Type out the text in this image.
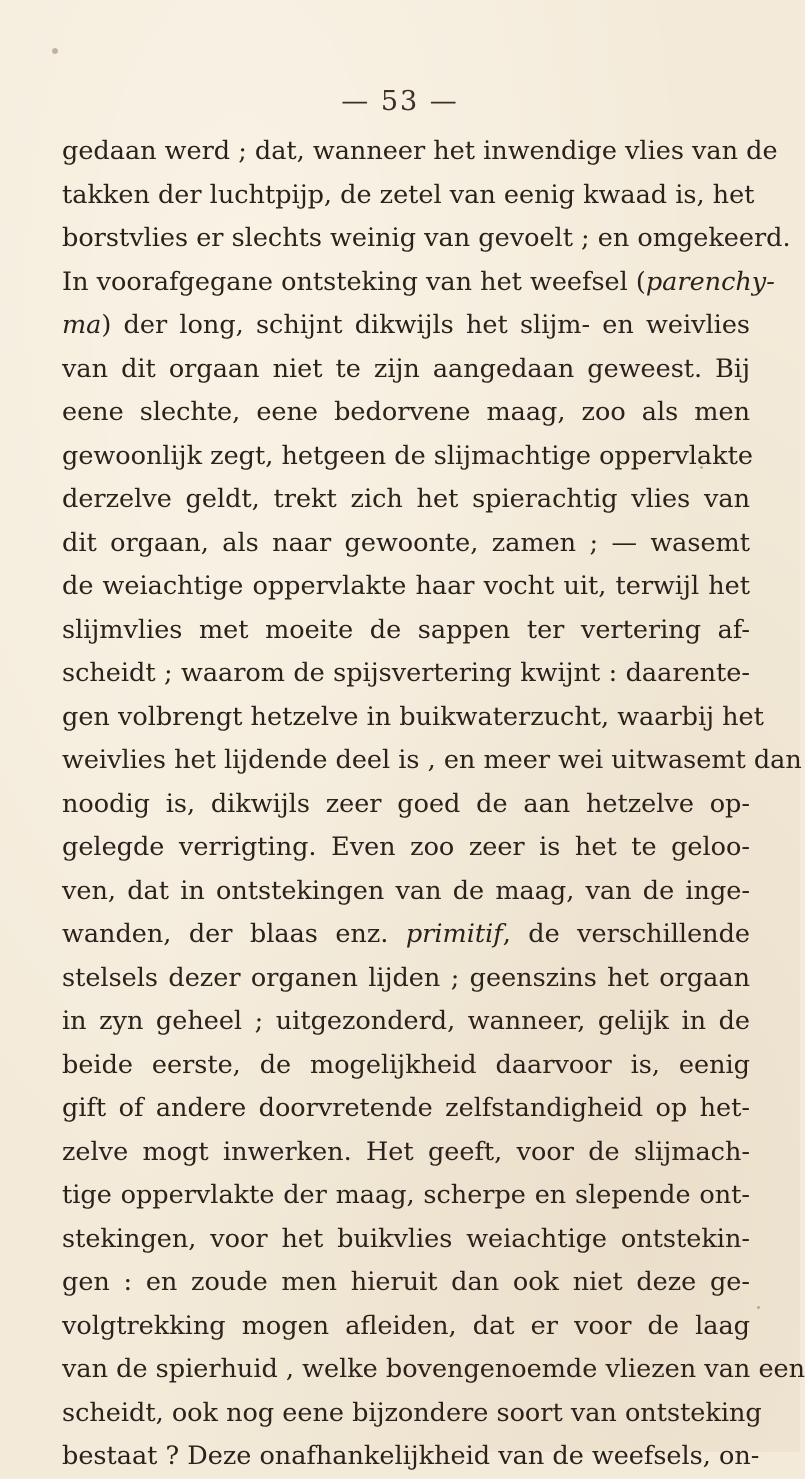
— 53 —
gedaan werd ; dat, wanneer het inwendige vlies van de
takken der luchtpijp, de zetel van eenig kwaad is, het
borstvlies er slechts weinig van gevoelt ; en omgekeerd.
In voorafgegane ontsteking van het weefsel (parenchy-
ma) der long, schijnt dikwijls het slijm- en weivlies
van dit orgaan niet te zijn aangedaan geweest. Bij
eene slechte, eene bedorvene maag, zoo als men
gewoonlijk zegt, hetgeen de slijmachtige oppervlakte
derzelve geldt, trekt zich het spierachtig vlies van
dit orgaan, als naar gewoonte, zamen ; — wasemt
de weiachtige oppervlakte haar vocht uit, terwijl het
slijmvlies met moeite de sappen ter vertering af-
scheidt ; waarom de spijsvertering kwijnt : daarente-
gen volbrengt hetzelve in buikwaterzucht, waarbij het
weivlies het lijdende deel is , en meer wei uitwasemt dan
noodig is, dikwijls zeer goed de aan hetzelve op-
gelegde verrigting. Even zoo zeer is het te geloo-
ven, dat in ontstekingen van de maag, van de inge-
wanden, der blaas enz. primitif, de verschillende
stelsels dezer organen lijden ; geenszins het orgaan
in zyn geheel ; uitgezonderd, wanneer, gelijk in de
beide eerste, de mogelijkheid daarvoor is, eenig
gift of andere doorvretende zelfstandigheid op het-
zelve mogt inwerken. Het geeft, voor de slijmach-
tige oppervlakte der maag, scherpe en slepende ont-
stekingen, voor het buikvlies weiachtige ontstekin-
gen : en zoude men hieruit dan ook niet deze ge-
volgtrekking mogen afleiden, dat er voor de laag
van de spierhuid , welke bovengenoemde vliezen van een
scheidt, ook nog eene bijzondere soort van ontsteking
bestaat ? Deze onafhankelijkheid van de weefsels, on-
